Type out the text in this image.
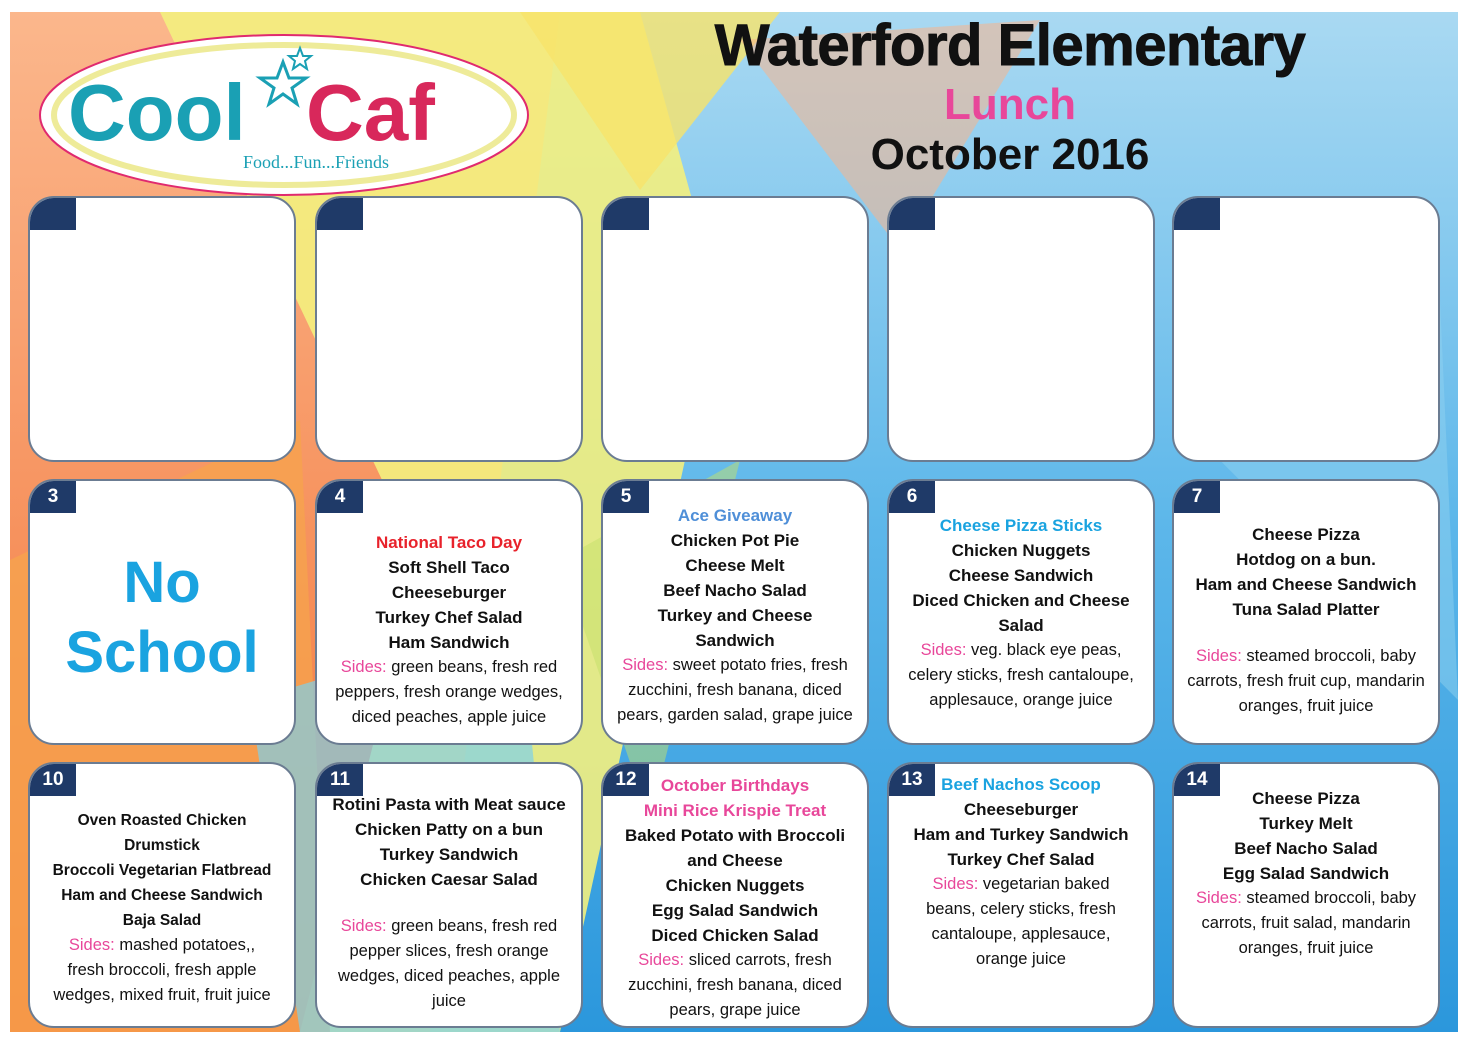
Cool Caf
Food...Fun...Friends
Waterford Elementary
Lunch
October 2016
3
No
School
4
National Taco Day
Soft Shell Taco
Cheeseburger
Turkey Chef Salad
Ham Sandwich
Sides: green beans, fresh red peppers, fresh orange wedges, diced peaches, apple juice
5
Ace Giveaway
Chicken Pot Pie
Cheese Melt
Beef Nacho Salad
Turkey and Cheese Sandwich
Sides: sweet potato fries, fresh zucchini, fresh banana, diced pears, garden salad, grape juice
6
Cheese Pizza Sticks
Chicken Nuggets
Cheese Sandwich
Diced Chicken and Cheese Salad
Sides: veg. black eye peas, celery sticks, fresh cantaloupe, applesauce, orange juice
7
Cheese Pizza
Hotdog on a bun.
Ham and Cheese Sandwich
Tuna Salad Platter
Sides: steamed broccoli, baby carrots, fresh fruit cup, mandarin oranges, fruit juice
10
Oven Roasted Chicken Drumstick
Broccoli Vegetarian Flatbread
Ham and Cheese Sandwich
Baja Salad
Sides: mashed potatoes,, fresh broccoli, fresh apple wedges, mixed fruit, fruit juice
11
Rotini Pasta with Meat sauce
Chicken Patty on a bun
Turkey Sandwich
Chicken Caesar Salad
Sides: green beans, fresh red pepper slices, fresh orange wedges, diced peaches, apple juice
12	October Birthdays
Mini Rice Krispie Treat
Baked Potato with Broccoli and Cheese
Chicken Nuggets
Egg Salad Sandwich
Diced Chicken Salad
Sides: sliced carrots, fresh zucchini, fresh banana, diced pears, grape juice
13	Beef Nachos Scoop
Cheeseburger
Ham and Turkey Sandwich
Turkey Chef Salad
Sides: vegetarian baked beans, celery sticks, fresh cantaloupe, applesauce, orange juice
14
Cheese Pizza
Turkey Melt
Beef Nacho Salad
Egg Salad Sandwich
Sides: steamed broccoli, baby carrots, fruit salad, mandarin oranges, fruit juice
